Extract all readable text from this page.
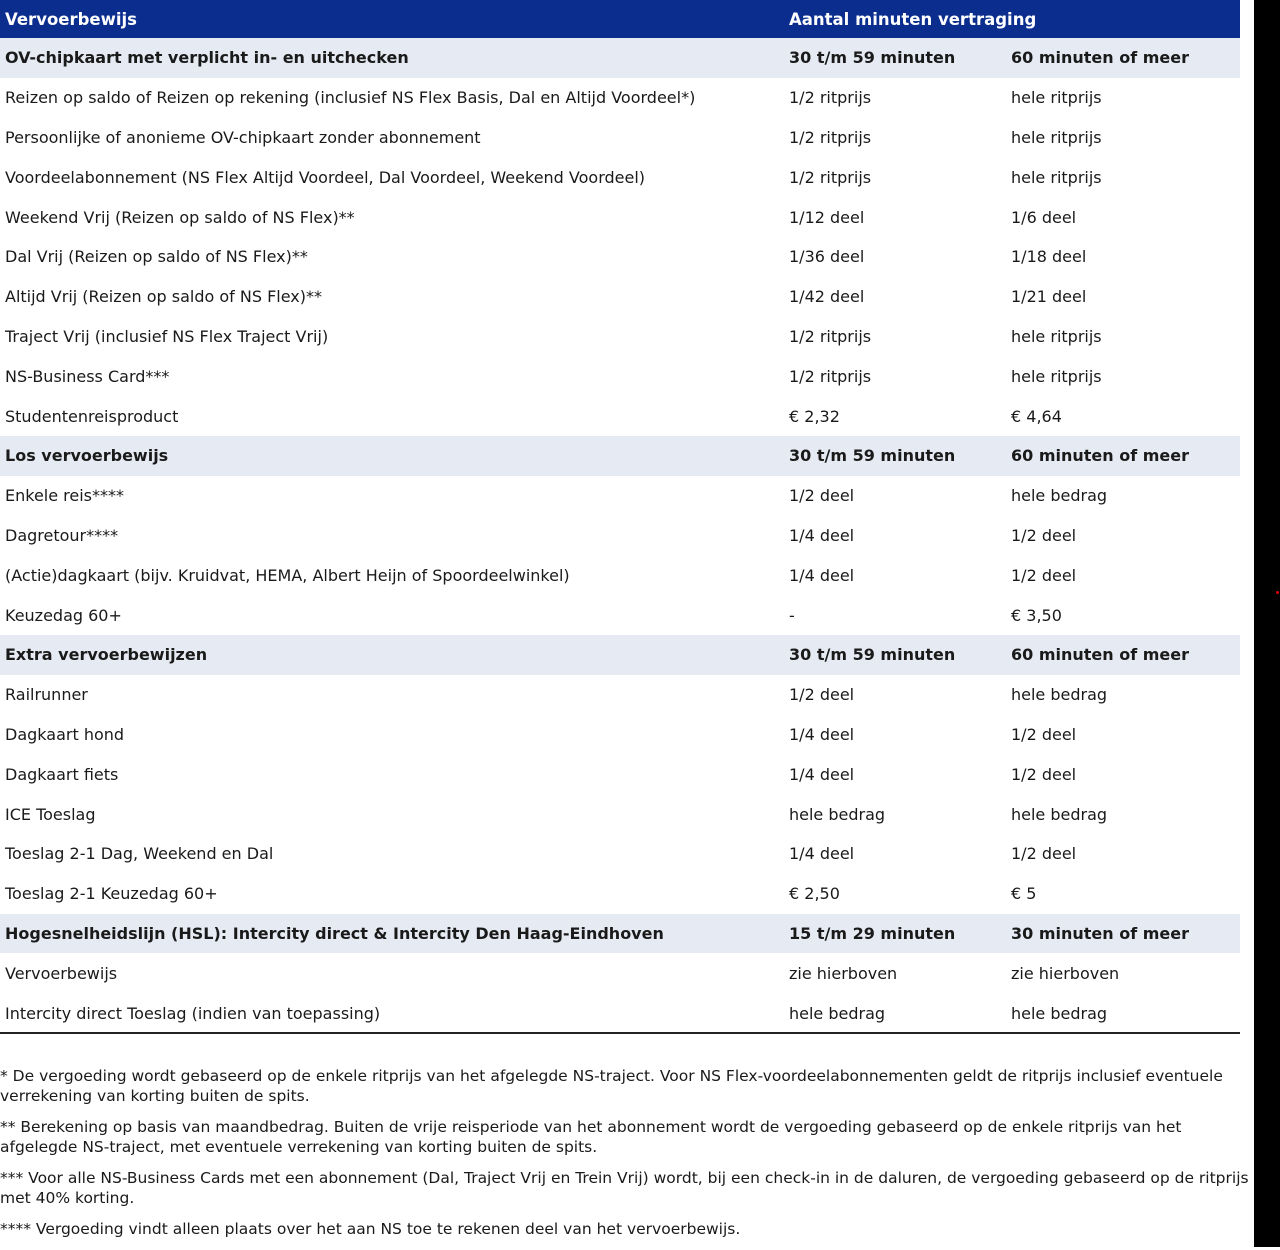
Vervoerbewijs	Aantal minuten vertraging
OV-chipkaart met verplicht in- en uitchecken	30 t/m 59 minuten	60 minuten of meer
Reizen op saldo of Reizen op rekening (inclusief NS Flex Basis, Dal en Altijd Voordeel*)	1/2 ritprijs	hele ritprijs
Persoonlijke of anonieme OV-chipkaart zonder abonnement	1/2 ritprijs	hele ritprijs
Voordeelabonnement (NS Flex Altijd Voordeel, Dal Voordeel, Weekend Voordeel)	1/2 ritprijs	hele ritprijs
Weekend Vrij (Reizen op saldo of NS Flex)**	1/12 deel	1/6 deel
Dal Vrij (Reizen op saldo of NS Flex)**	1/36 deel	1/18 deel
Altijd Vrij (Reizen op saldo of NS Flex)**	1/42 deel	1/21 deel
Traject Vrij (inclusief NS Flex Traject Vrij)	1/2 ritprijs	hele ritprijs
NS-Business Card***	1/2 ritprijs	hele ritprijs
Studentenreisproduct	€ 2,32	€ 4,64
Los vervoerbewijs	30 t/m 59 minuten	60 minuten of meer
Enkele reis****	1/2 deel	hele bedrag
Dagretour****	1/4 deel	1/2 deel
(Actie)dagkaart (bijv. Kruidvat, HEMA, Albert Heijn of Spoordeelwinkel)	1/4 deel	1/2 deel
Keuzedag 60+	-	€ 3,50
Extra vervoerbewijzen	30 t/m 59 minuten	60 minuten of meer
Railrunner	1/2 deel	hele bedrag
Dagkaart hond	1/4 deel	1/2 deel
Dagkaart fiets	1/4 deel	1/2 deel
ICE Toeslag	hele bedrag	hele bedrag
Toeslag 2-1 Dag, Weekend en Dal	1/4 deel	1/2 deel
Toeslag 2-1 Keuzedag 60+	€ 2,50	€ 5
Hogesnelheidslijn (HSL): Intercity direct & Intercity Den Haag-Eindhoven	15 t/m 29 minuten	30 minuten of meer
Vervoerbewijs	zie hierboven	zie hierboven
Intercity direct Toeslag (indien van toepassing)	hele bedrag	hele bedrag

* De vergoeding wordt gebaseerd op de enkele ritprijs van het afgelegde NS-traject. Voor NS Flex-voordeelabonnementen geldt de ritprijs inclusief eventuele verrekening van korting buiten de spits.

** Berekening op basis van maandbedrag. Buiten de vrije reisperiode van het abonnement wordt de vergoeding gebaseerd op de enkele ritprijs van het afgelegde NS-traject, met eventuele verrekening van korting buiten de spits.

*** Voor alle NS-Business Cards met een abonnement (Dal, Traject Vrij en Trein Vrij) wordt, bij een check-in in de daluren, de vergoeding gebaseerd op de ritprijs met 40% korting.

**** Vergoeding vindt alleen plaats over het aan NS toe te rekenen deel van het vervoerbewijs.
